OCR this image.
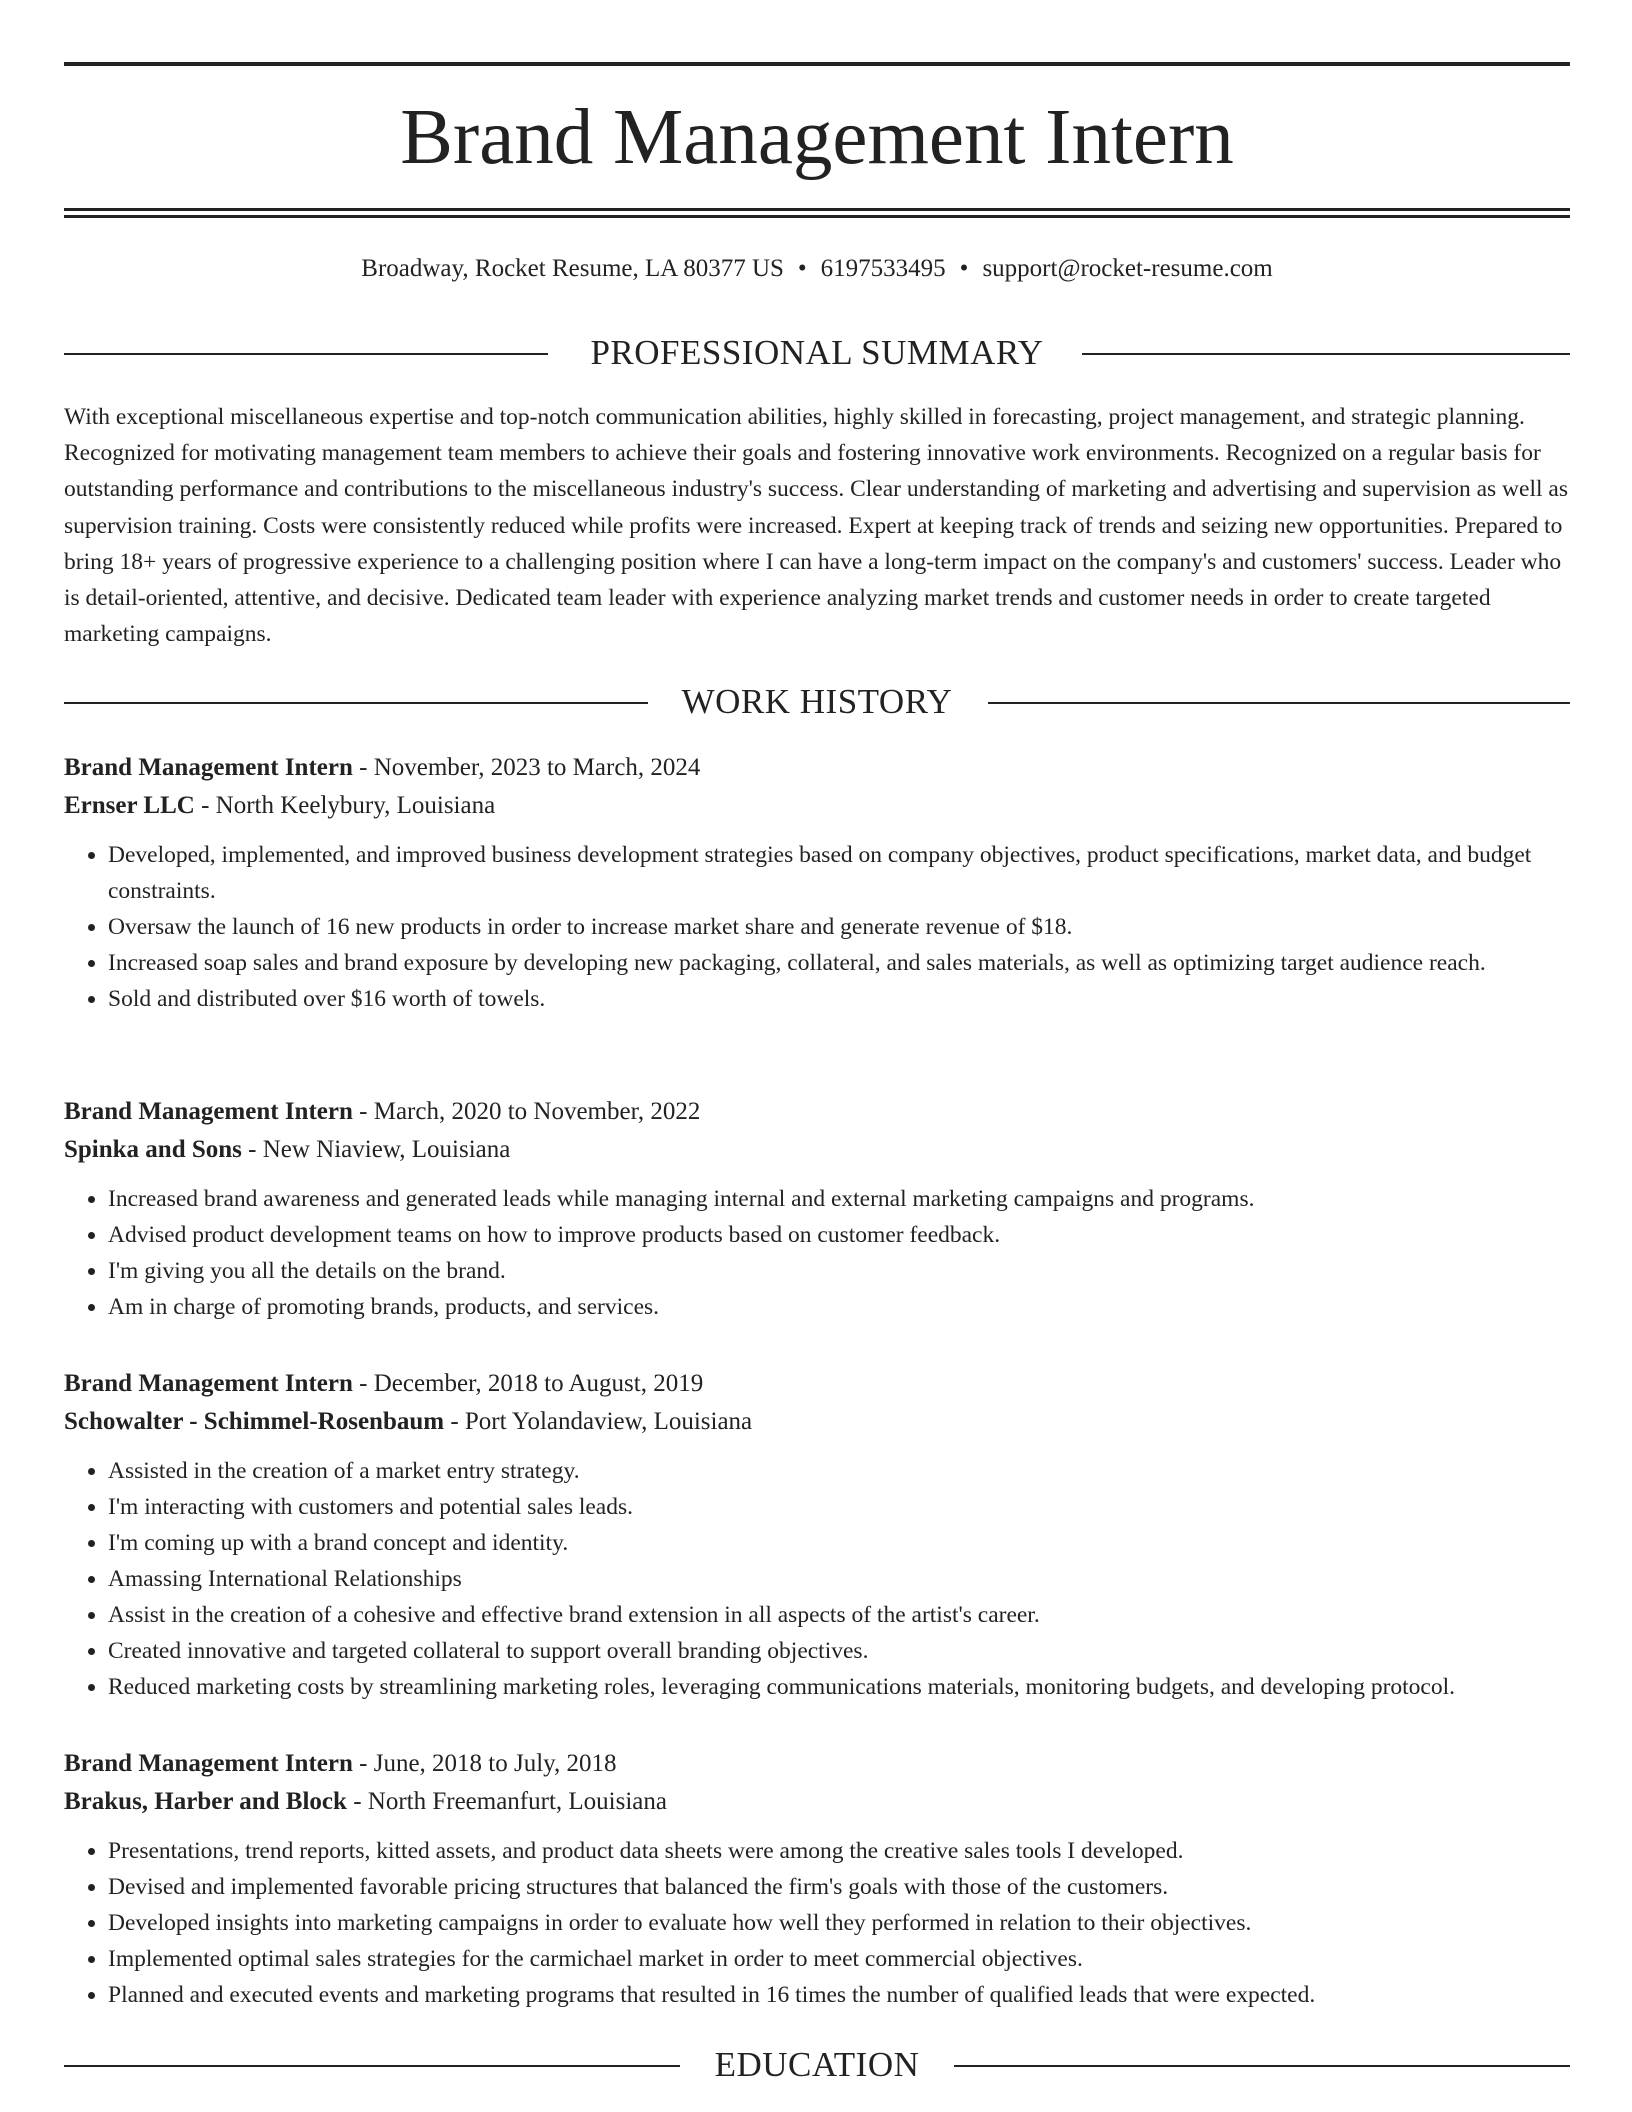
Brand Management Intern
Broadway, Rocket Resume, LA 80377 US • 6197533495 • support@rocket-resume.com
PROFESSIONAL SUMMARY
With exceptional miscellaneous expertise and top-notch communication abilities, highly skilled in forecasting, project management, and strategic planning. Recognized for motivating management team members to achieve their goals and fostering innovative work environments. Recognized on a regular basis for outstanding performance and contributions to the miscellaneous industry's success. Clear understanding of marketing and advertising and supervision as well as supervision training. Costs were consistently reduced while profits were increased. Expert at keeping track of trends and seizing new opportunities. Prepared to bring 18+ years of progressive experience to a challenging position where I can have a long-term impact on the company's and customers' success. Leader who is detail-oriented, attentive, and decisive. Dedicated team leader with experience analyzing market trends and customer needs in order to create targeted marketing campaigns.
WORK HISTORY
Brand Management Intern - November, 2023 to March, 2024
Ernser LLC - North Keelybury, Louisiana
• Developed, implemented, and improved business development strategies based on company objectives, product specifications, market data, and budget constraints.
• Oversaw the launch of 16 new products in order to increase market share and generate revenue of $18.
• Increased soap sales and brand exposure by developing new packaging, collateral, and sales materials, as well as optimizing target audience reach.
• Sold and distributed over $16 worth of towels.
Brand Management Intern - March, 2020 to November, 2022
Spinka and Sons - New Niaview, Louisiana
• Increased brand awareness and generated leads while managing internal and external marketing campaigns and programs.
• Advised product development teams on how to improve products based on customer feedback.
• I'm giving you all the details on the brand.
• Am in charge of promoting brands, products, and services.
Brand Management Intern - December, 2018 to August, 2019
Schowalter - Schimmel-Rosenbaum - Port Yolandaview, Louisiana
• Assisted in the creation of a market entry strategy.
• I'm interacting with customers and potential sales leads.
• I'm coming up with a brand concept and identity.
• Amassing International Relationships
• Assist in the creation of a cohesive and effective brand extension in all aspects of the artist's career.
• Created innovative and targeted collateral to support overall branding objectives.
• Reduced marketing costs by streamlining marketing roles, leveraging communications materials, monitoring budgets, and developing protocol.
Brand Management Intern - June, 2018 to July, 2018
Brakus, Harber and Block - North Freemanfurt, Louisiana
• Presentations, trend reports, kitted assets, and product data sheets were among the creative sales tools I developed.
• Devised and implemented favorable pricing structures that balanced the firm's goals with those of the customers.
• Developed insights into marketing campaigns in order to evaluate how well they performed in relation to their objectives.
• Implemented optimal sales strategies for the carmichael market in order to meet commercial objectives.
• Planned and executed events and marketing programs that resulted in 16 times the number of qualified leads that were expected.
EDUCATION
